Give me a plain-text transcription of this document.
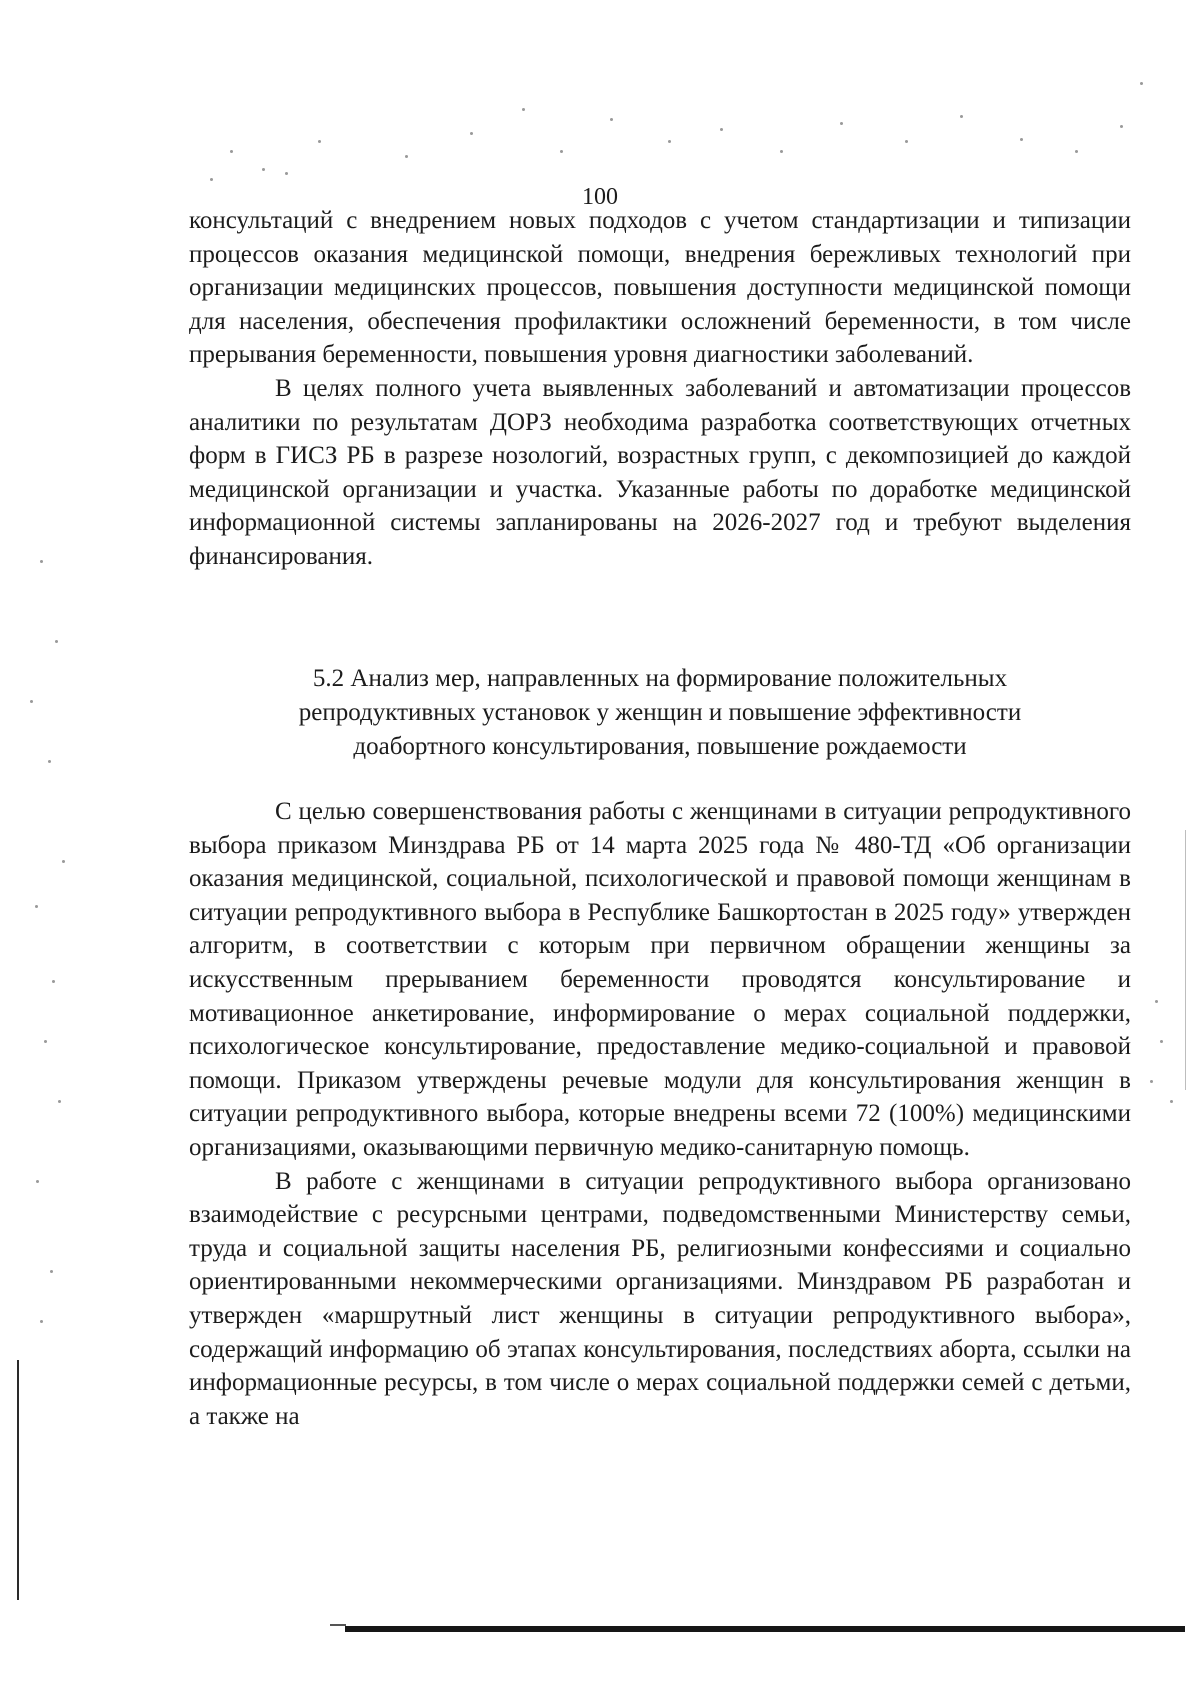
100

консультаций с внедрением новых подходов с учетом стандартизации и типизации процессов оказания медицинской помощи, внедрения бережливых технологий при организации медицинских процессов, повышения доступности медицинской помощи для населения, обеспечения профилактики осложнений беременности, в том числе прерывания беременности, повышения уровня диагностики заболеваний.

В целях полного учета выявленных заболеваний и автоматизации процессов аналитики по результатам ДОРЗ необходима разработка соответствующих отчетных форм в ГИСЗ РБ в разрезе нозологий, возрастных групп, с декомпозицией до каждой медицинской организации и участка. Указанные работы по доработке медицинской информационной системы запланированы на 2026-2027 год и требуют выделения финансирования.

5.2 Анализ мер, направленных на формирование положительных
репродуктивных установок у женщин и повышение эффективности
доабортного консультирования, повышение рождаемости

С целью совершенствования работы с женщинами в ситуации репродуктивного выбора приказом Минздрава РБ от 14 марта 2025 года № 480-ТД «Об организации оказания медицинской, социальной, психологической и правовой помощи женщинам в ситуации репродуктивного выбора в Республике Башкортостан в 2025 году» утвержден алгоритм, в соответствии с которым при первичном обращении женщины за искусственным прерыванием беременности проводятся консультирование и мотивационное анкетирование, информирование о мерах социальной поддержки, психологическое консультирование, предоставление медико-социальной и правовой помощи. Приказом утверждены речевые модули для консультирования женщин в ситуации репродуктивного выбора, которые внедрены всеми 72 (100%) медицинскими организациями, оказывающими первичную медико-санитарную помощь.

В работе с женщинами в ситуации репродуктивного выбора организовано взаимодействие с ресурсными центрами, подведомственными Министерству семьи, труда и социальной защиты населения РБ, религиозными конфессиями и социально ориентированными некоммерческими организациями. Минздравом РБ разработан и утвержден «маршрутный лист женщины в ситуации репродуктивного выбора», содержащий информацию об этапах консультирования, последствиях аборта, ссылки на информационные ресурсы, в том числе о мерах социальной поддержки семей с детьми, а также на
